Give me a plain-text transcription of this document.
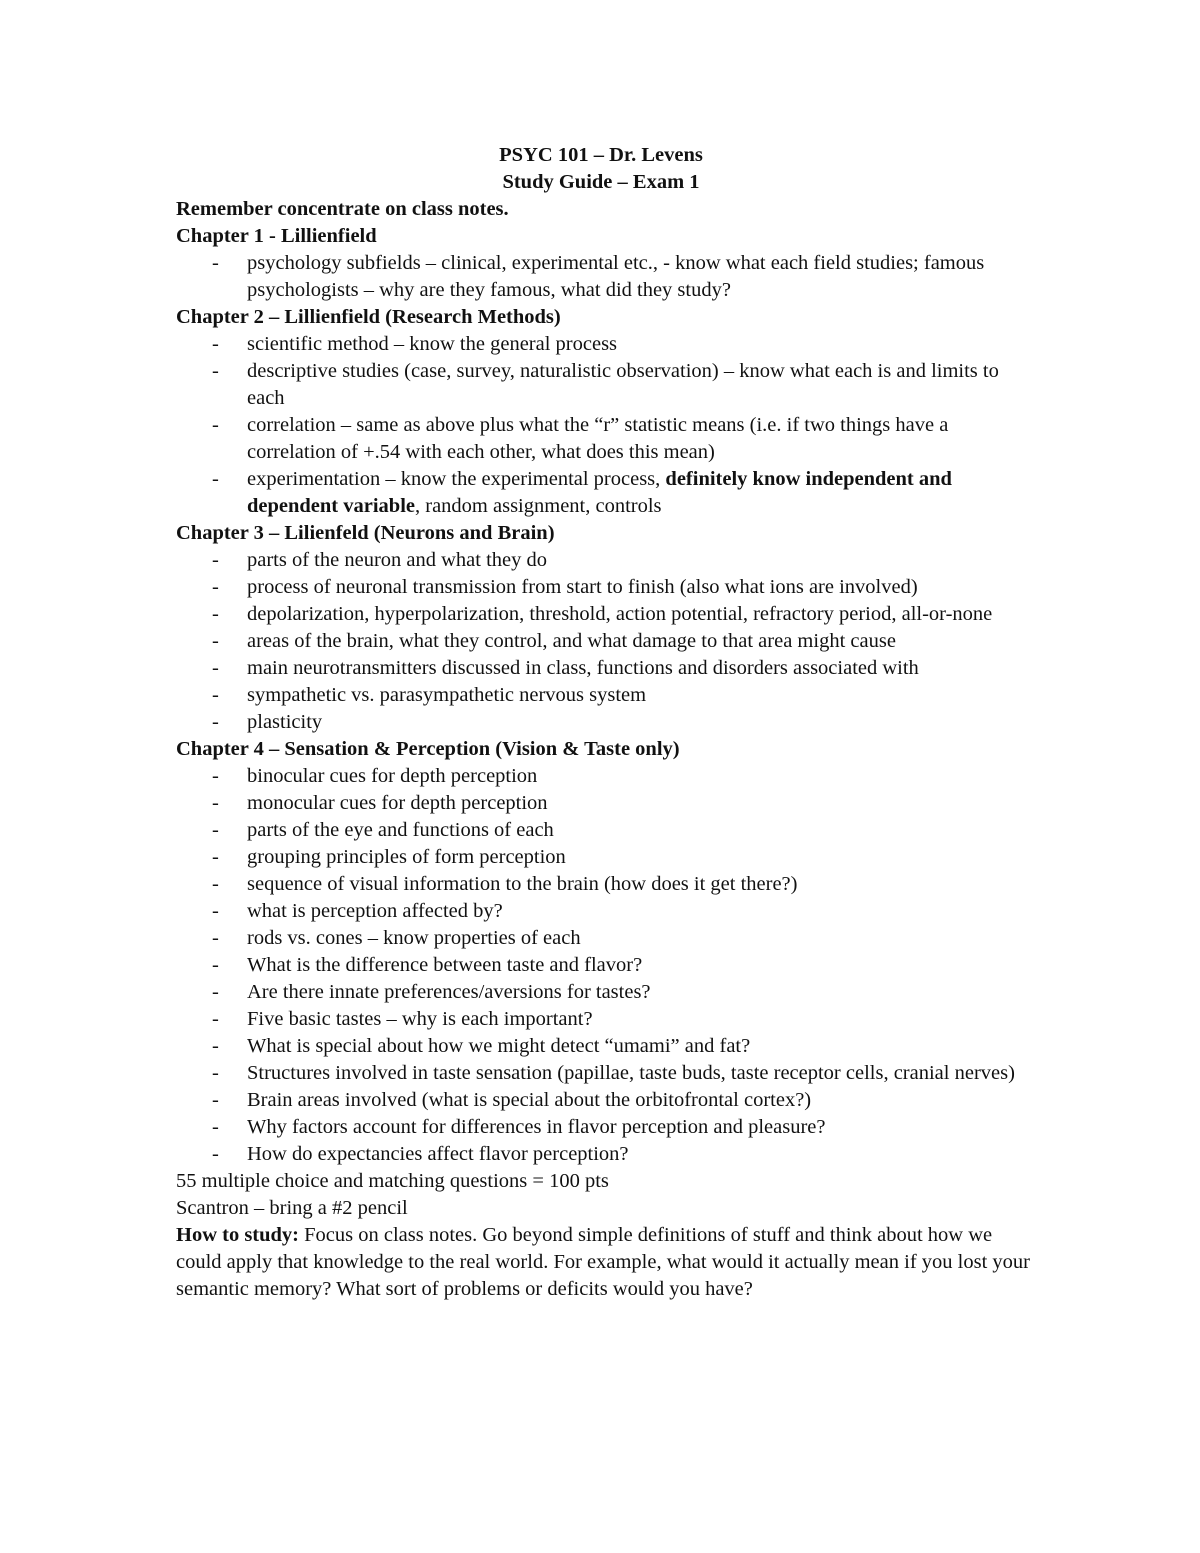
PSYC 101 – Dr. Levens
Study Guide – Exam 1
Remember concentrate on class notes.
Chapter 1 - Lillienfield
- psychology subfields – clinical, experimental etc., - know what each field studies; famous psychologists – why are they famous, what did they study?
Chapter 2 – Lillienfield (Research Methods)
- scientific method – know the general process
- descriptive studies (case, survey, naturalistic observation) – know what each is and limits to each
- correlation – same as above plus what the “r” statistic means (i.e. if two things have a correlation of +.54 with each other, what does this mean)
- experimentation – know the experimental process, definitely know independent and dependent variable, random assignment, controls
Chapter 3 – Lilienfeld (Neurons and Brain)
- parts of the neuron and what they do
- process of neuronal transmission from start to finish (also what ions are involved)
- depolarization, hyperpolarization, threshold, action potential, refractory period, all-or-none
- areas of the brain, what they control, and what damage to that area might cause
- main neurotransmitters discussed in class, functions and disorders associated with
- sympathetic vs. parasympathetic nervous system
- plasticity
Chapter 4 – Sensation & Perception (Vision & Taste only)
- binocular cues for depth perception
- monocular cues for depth perception
- parts of the eye and functions of each
- grouping principles of form perception
- sequence of visual information to the brain (how does it get there?)
- what is perception affected by?
- rods vs. cones – know properties of each
- What is the difference between taste and flavor?
- Are there innate preferences/aversions for tastes?
- Five basic tastes – why is each important?
- What is special about how we might detect “umami” and fat?
- Structures involved in taste sensation (papillae, taste buds, taste receptor cells, cranial nerves)
- Brain areas involved (what is special about the orbitofrontal cortex?)
- Why factors account for differences in flavor perception and pleasure?
- How do expectancies affect flavor perception?

55 multiple choice and matching questions = 100 pts

Scantron – bring a #2 pencil

How to study: Focus on class notes. Go beyond simple definitions of stuff and think about how we could apply that knowledge to the real world. For example, what would it actually mean if you lost your semantic memory? What sort of problems or deficits would you have?
